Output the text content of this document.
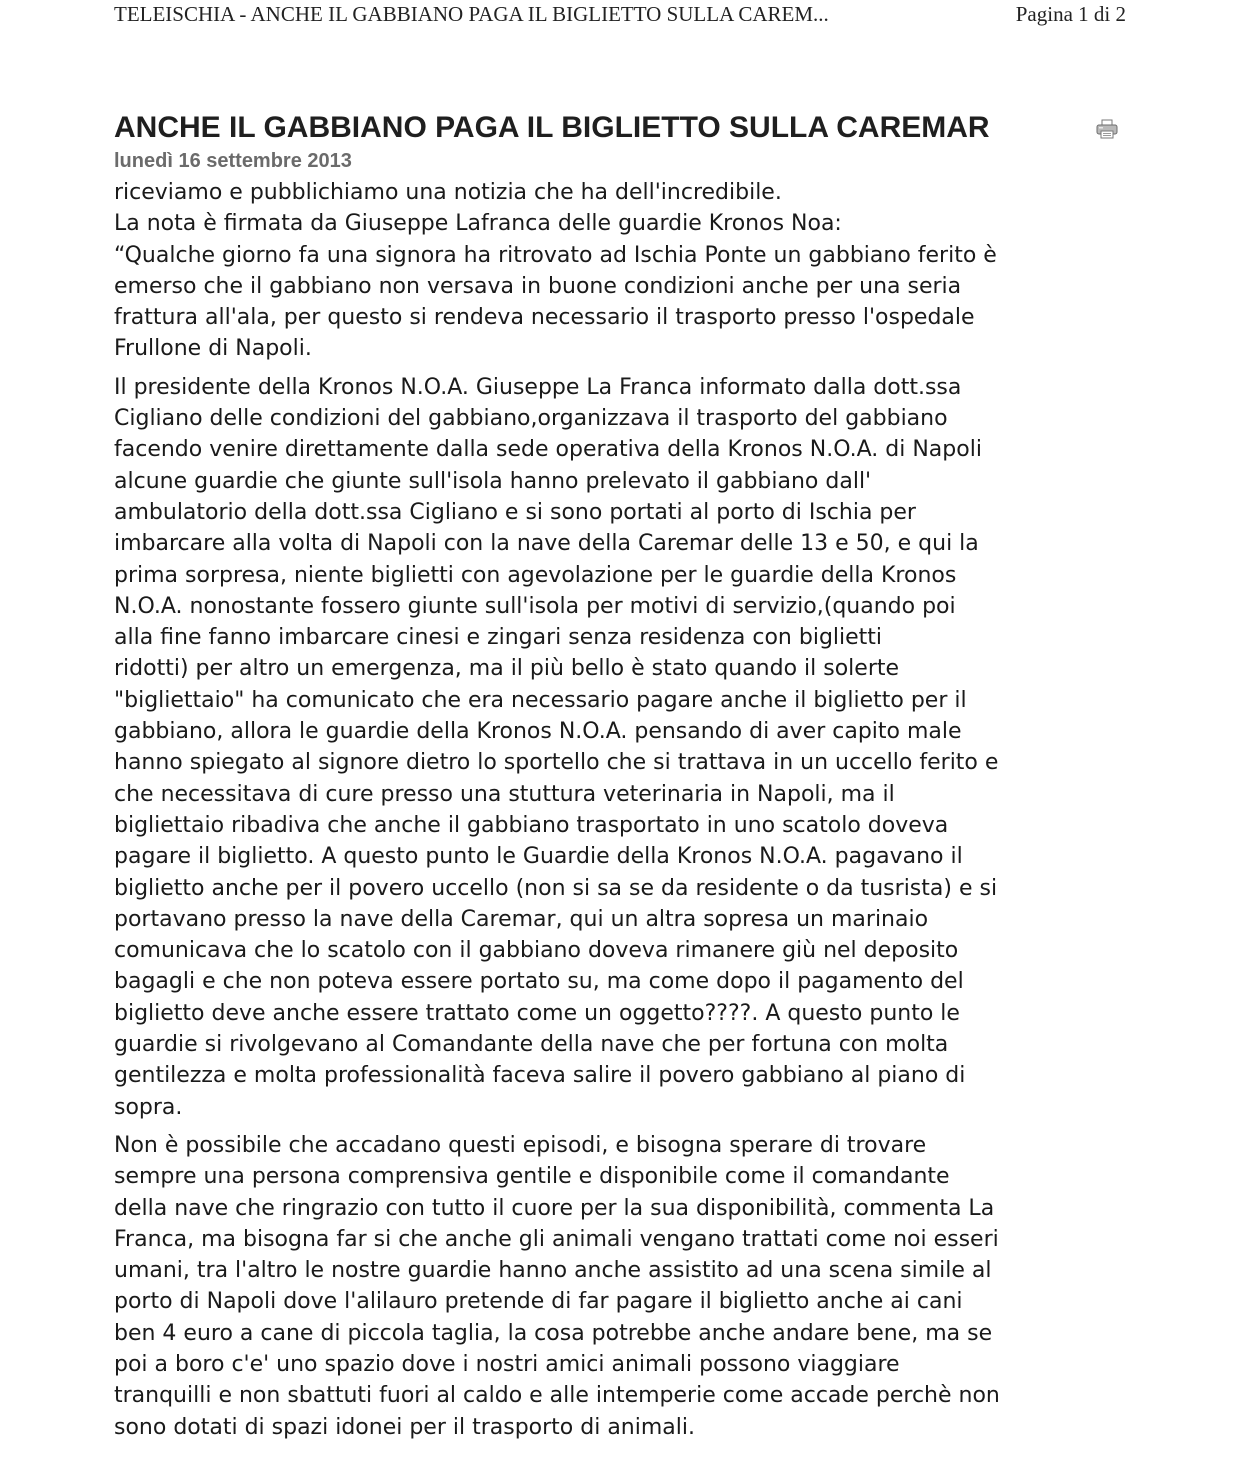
TELEISCHIA - ANCHE IL GABBIANO PAGA IL BIGLIETTO SULLA CAREM...	Pagina 1 di 2
ANCHE IL GABBIANO PAGA IL BIGLIETTO SULLA CAREMAR
lunedì 16 settembre 2013

riceviamo e pubblichiamo una notizia che ha dell'incredibile.
La nota è firmata da Giuseppe Lafranca delle guardie Kronos Noa:
“Qualche giorno fa una signora ha ritrovato ad Ischia Ponte un gabbiano ferito è
emerso che il gabbiano non versava in buone condizioni anche per una seria
frattura all'ala, per questo si rendeva necessario il trasporto presso l'ospedale
Frullone di Napoli.

Il presidente della Kronos N.O.A. Giuseppe La Franca informato dalla dott.ssa
Cigliano delle condizioni del gabbiano,organizzava il trasporto del gabbiano
facendo venire direttamente dalla sede operativa della Kronos N.O.A. di Napoli
alcune guardie che giunte sull'isola hanno prelevato il gabbiano dall'
ambulatorio della dott.ssa Cigliano e si sono portati al porto di Ischia per
imbarcare alla volta di Napoli con la nave della Caremar delle 13 e 50, e qui la
prima sorpresa, niente biglietti con agevolazione per le guardie della Kronos
N.O.A. nonostante fossero giunte sull'isola per motivi di servizio,(quando poi
alla fine fanno imbarcare cinesi e zingari senza residenza con biglietti
ridotti) per altro un emergenza, ma il più bello è stato quando il solerte
"bigliettaio" ha comunicato che era necessario pagare anche il biglietto per il
gabbiano, allora le guardie della Kronos N.O.A. pensando di aver capito male
hanno spiegato al signore dietro lo sportello che si trattava in un uccello ferito e
che necessitava di cure presso una stuttura veterinaria in Napoli, ma il
bigliettaio ribadiva che anche il gabbiano trasportato in uno scatolo doveva
pagare il biglietto. A questo punto le Guardie della Kronos N.O.A. pagavano il
biglietto anche per il povero uccello (non si sa se da residente o da tusrista) e si
portavano presso la nave della Caremar, qui un altra sopresa un marinaio
comunicava che lo scatolo con il gabbiano doveva rimanere giù nel deposito
bagagli e che non poteva essere portato su, ma come dopo il pagamento del
biglietto deve anche essere trattato come un oggetto????. A questo punto le
guardie si rivolgevano al Comandante della nave che per fortuna con molta
gentilezza e molta professionalità faceva salire il povero gabbiano al piano di
sopra.

Non è possibile che accadano questi episodi, e bisogna sperare di trovare
sempre una persona comprensiva gentile e disponibile come il comandante
della nave che ringrazio con tutto il cuore per la sua disponibilità, commenta La
Franca, ma bisogna far si che anche gli animali vengano trattati come noi esseri
umani, tra l'altro le nostre guardie hanno anche assistito ad una scena simile al
porto di Napoli dove l'alilauro pretende di far pagare il biglietto anche ai cani
ben 4 euro a cane di piccola taglia, la cosa potrebbe anche andare bene, ma se
poi a boro c'e' uno spazio dove i nostri amici animali possono viaggiare
tranquilli e non sbattuti fuori al caldo e alle intemperie come accade perchè non
sono dotati di spazi idonei per il trasporto di animali.
